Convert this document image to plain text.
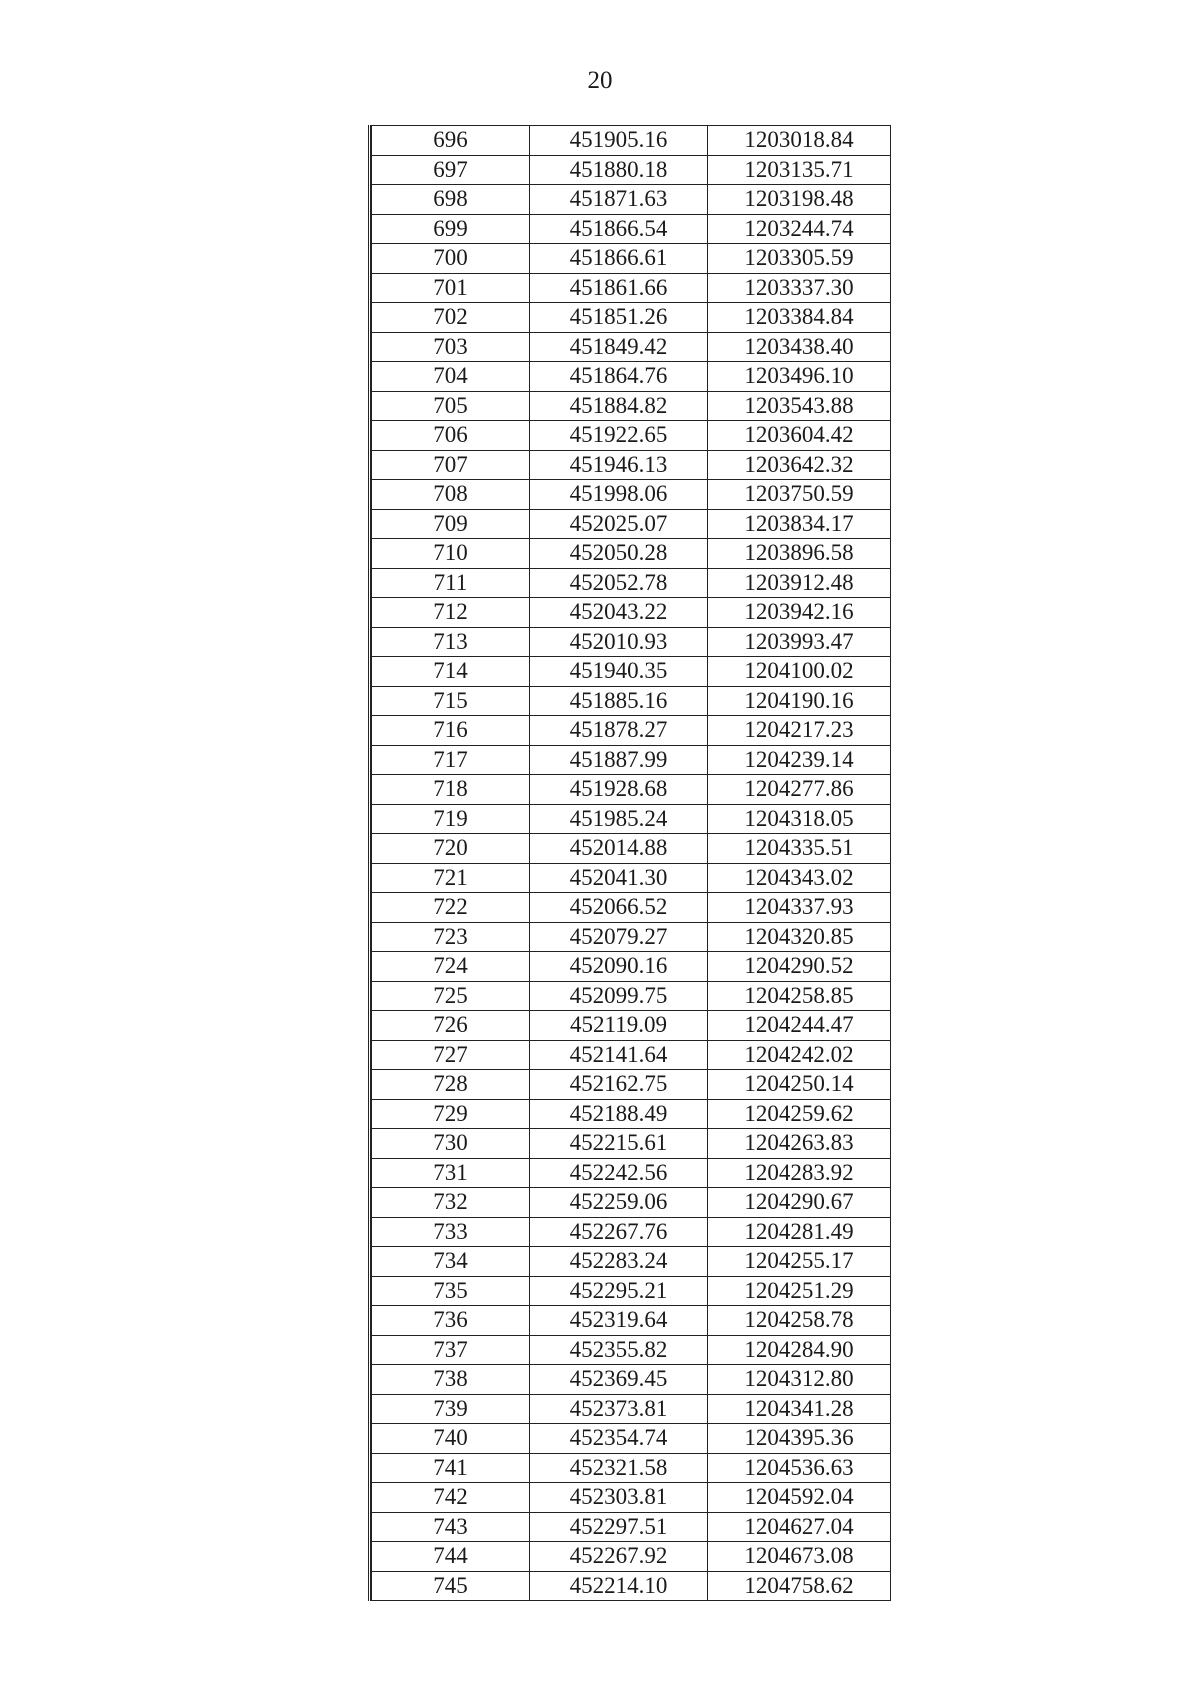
20
696	451905.16	1203018.84
697	451880.18	1203135.71
698	451871.63	1203198.48
699	451866.54	1203244.74
700	451866.61	1203305.59
701	451861.66	1203337.30
702	451851.26	1203384.84
703	451849.42	1203438.40
704	451864.76	1203496.10
705	451884.82	1203543.88
706	451922.65	1203604.42
707	451946.13	1203642.32
708	451998.06	1203750.59
709	452025.07	1203834.17
710	452050.28	1203896.58
711	452052.78	1203912.48
712	452043.22	1203942.16
713	452010.93	1203993.47
714	451940.35	1204100.02
715	451885.16	1204190.16
716	451878.27	1204217.23
717	451887.99	1204239.14
718	451928.68	1204277.86
719	451985.24	1204318.05
720	452014.88	1204335.51
721	452041.30	1204343.02
722	452066.52	1204337.93
723	452079.27	1204320.85
724	452090.16	1204290.52
725	452099.75	1204258.85
726	452119.09	1204244.47
727	452141.64	1204242.02
728	452162.75	1204250.14
729	452188.49	1204259.62
730	452215.61	1204263.83
731	452242.56	1204283.92
732	452259.06	1204290.67
733	452267.76	1204281.49
734	452283.24	1204255.17
735	452295.21	1204251.29
736	452319.64	1204258.78
737	452355.82	1204284.90
738	452369.45	1204312.80
739	452373.81	1204341.28
740	452354.74	1204395.36
741	452321.58	1204536.63
742	452303.81	1204592.04
743	452297.51	1204627.04
744	452267.92	1204673.08
745	452214.10	1204758.62
